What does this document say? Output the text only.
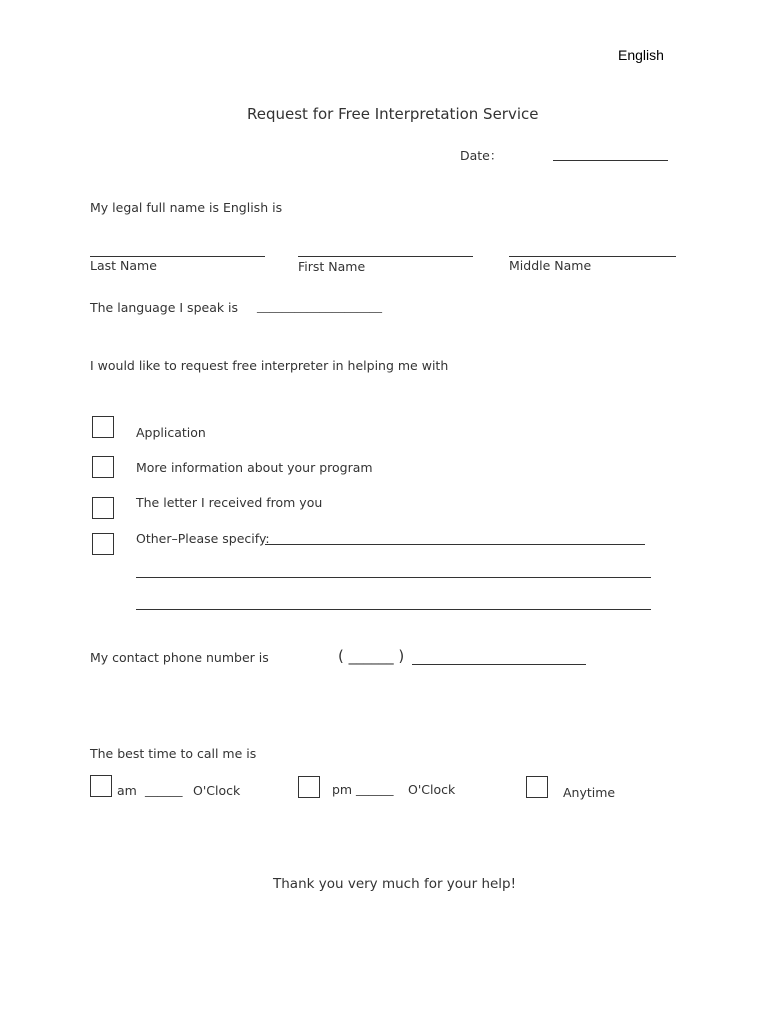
English
Request for Free Interpretation Service
Date：
My legal full name is English is
Last Name	First Name	Middle Name
The language I speak is ____________________
I would like to request free interpreter in helping me with
Application
More information about your program
The letter I received from you
Other–Please specify:
My contact phone number is	( ______ )
The best time to call me is
am ______ O'Clock	pm ______ O'Clock	Anytime
Thank you very much for your help!
